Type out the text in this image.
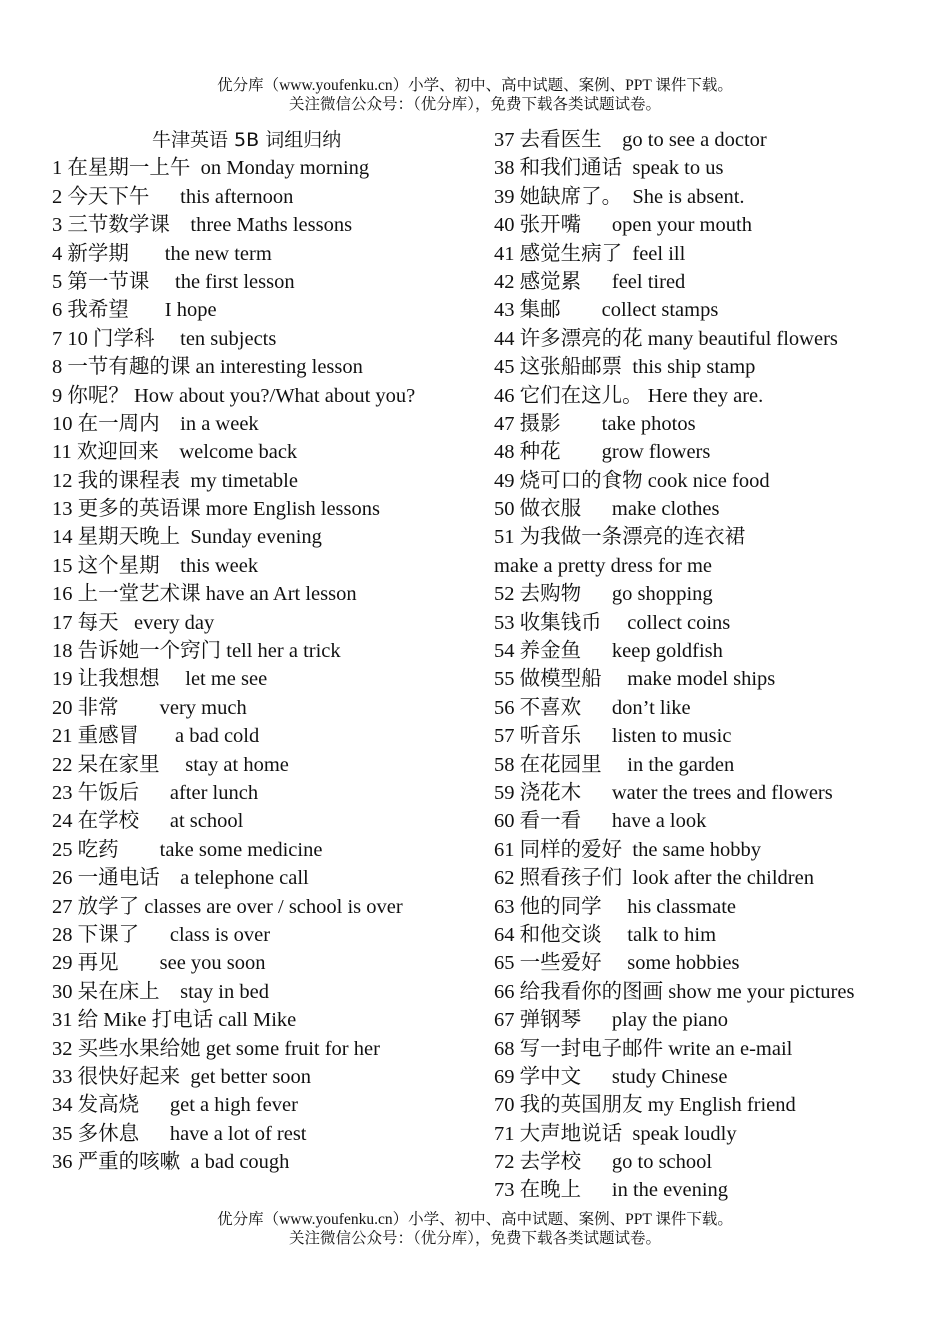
优分库（www.youfenku.cn）小学、初中、高中试题、案例、PPT 课件下载。
关注微信公众号：（优分库），免费下载各类试题试卷。
牛津英语 5B 词组归纳
1 在星期一上午  on Monday morning
2 今天下午      this afternoon
3 三节数学课    three Maths lessons
4 新学期       the new term
5 第一节课     the first lesson
6 我希望       I hope
7 10 门学科     ten subjects
8 一节有趣的课 an interesting lesson
9 你呢？ How about you?/What about you?
10 在一周内    in a week
11 欢迎回来    welcome back
12 我的课程表  my timetable
13 更多的英语课 more English lessons
14 星期天晚上  Sunday evening
15 这个星期    this week
16 上一堂艺术课 have an Art lesson
17 每天   every day
18 告诉她一个窍门 tell her a trick
19 让我想想     let me see
20 非常        very much
21 重感冒       a bad cold
22 呆在家里     stay at home
23 午饭后      after lunch
24 在学校      at school
25 吃药        take some medicine
26 一通电话    a telephone call
27 放学了 classes are over / school is over
28 下课了      class is over
29 再见        see you soon
30 呆在床上    stay in bed
31 给 Mike 打电话 call Mike
32 买些水果给她 get some fruit for her
33 很快好起来  get better soon
34 发高烧      get a high fever
35 多休息      have a lot of rest
36 严重的咳嗽  a bad cough
37 去看医生    go to see a doctor
38 和我们通话  speak to us
39 她缺席了。  She is absent.
40 张开嘴      open your mouth
41 感觉生病了  feel ill
42 感觉累      feel tired
43 集邮        collect stamps
44 许多漂亮的花 many beautiful flowers
45 这张船邮票  this ship stamp
46 它们在这儿。 Here they are.
47 摄影        take photos
48 种花        grow flowers
49 烧可口的食物 cook nice food
50 做衣服      make clothes
51 为我做一条漂亮的连衣裙
make a pretty dress for me
52 去购物      go shopping
53 收集钱币     collect coins
54 养金鱼      keep goldfish
55 做模型船     make model ships
56 不喜欢      don’t like
57 听音乐      listen to music
58 在花园里     in the garden
59 浇花木      water the trees and flowers
60 看一看      have a look
61 同样的爱好  the same hobby
62 照看孩子们  look after the children
63 他的同学     his classmate
64 和他交谈     talk to him
65 一些爱好     some hobbies
66 给我看你的图画 show me your pictures
67 弹钢琴      play the piano
68 写一封电子邮件 write an e-mail
69 学中文      study Chinese
70 我的英国朋友 my English friend
71 大声地说话  speak loudly
72 去学校      go to school
73 在晚上      in the evening
优分库（www.youfenku.cn）小学、初中、高中试题、案例、PPT 课件下载。
关注微信公众号：（优分库），免费下载各类试题试卷。
